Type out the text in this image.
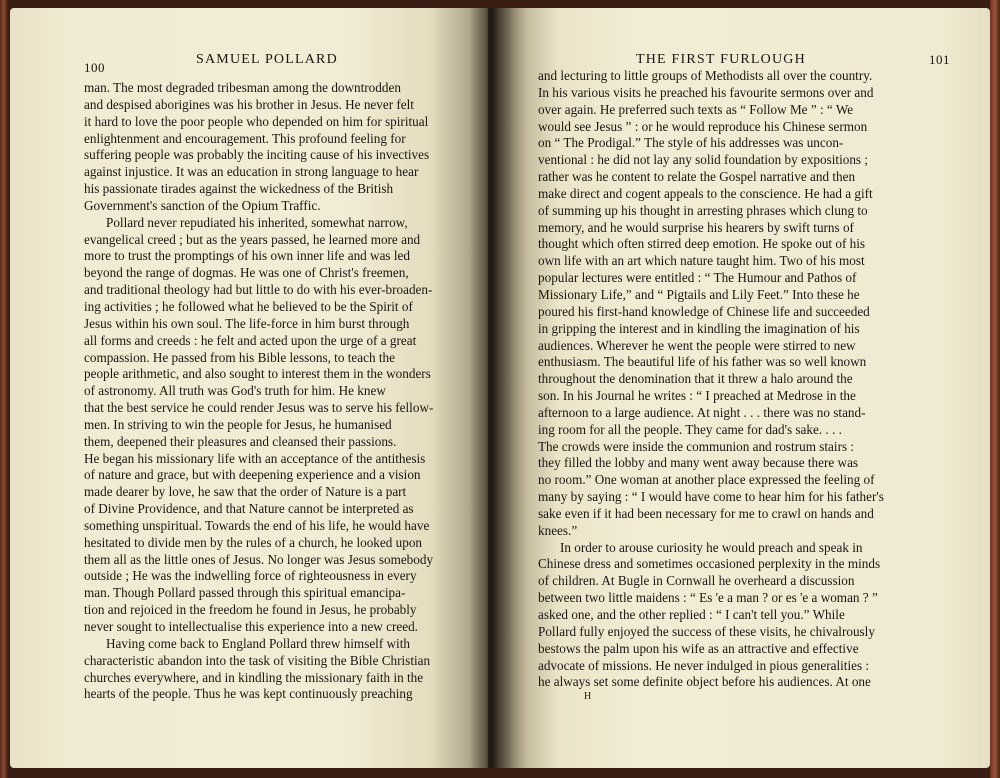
100
SAMUEL POLLARD
man. The most degraded tribesman among the downtrodden
and despised aborigines was his brother in Jesus. He never felt
it hard to love the poor people who depended on him for spiritual
enlightenment and encouragement. This profound feeling for
suffering people was probably the inciting cause of his invectives
against injustice. It was an education in strong language to hear
his passionate tirades against the wickedness of the British
Government's sanction of the Opium Traffic.
Pollard never repudiated his inherited, somewhat narrow,
evangelical creed ; but as the years passed, he learned more and
more to trust the promptings of his own inner life and was led
beyond the range of dogmas. He was one of Christ's freemen,
and traditional theology had but little to do with his ever-broaden-
ing activities ; he followed what he believed to be the Spirit of
Jesus within his own soul. The life-force in him burst through
all forms and creeds : he felt and acted upon the urge of a great
compassion. He passed from his Bible lessons, to teach the
people arithmetic, and also sought to interest them in the wonders
of astronomy. All truth was God's truth for him. He knew
that the best service he could render Jesus was to serve his fellow-
men. In striving to win the people for Jesus, he humanised
them, deepened their pleasures and cleansed their passions.
He began his missionary life with an acceptance of the antithesis
of nature and grace, but with deepening experience and a vision
made dearer by love, he saw that the order of Nature is a part
of Divine Providence, and that Nature cannot be interpreted as
something unspiritual. Towards the end of his life, he would have
hesitated to divide men by the rules of a church, he looked upon
them all as the little ones of Jesus. No longer was Jesus somebody
outside ; He was the indwelling force of righteousness in every
man. Though Pollard passed through this spiritual emancipa-
tion and rejoiced in the freedom he found in Jesus, he probably
never sought to intellectualise this experience into a new creed.
Having come back to England Pollard threw himself with
characteristic abandon into the task of visiting the Bible Christian
churches everywhere, and in kindling the missionary faith in the
hearts of the people. Thus he was kept continuously preaching
THE FIRST FURLOUGH	101
and lecturing to little groups of Methodists all over the country.
In his various visits he preached his favourite sermons over and
over again. He preferred such texts as “ Follow Me ” : “ We
would see Jesus ” : or he would reproduce his Chinese sermon
on “ The Prodigal.” The style of his addresses was uncon-
ventional : he did not lay any solid foundation by expositions ;
rather was he content to relate the Gospel narrative and then
make direct and cogent appeals to the conscience. He had a gift
of summing up his thought in arresting phrases which clung to
memory, and he would surprise his hearers by swift turns of
thought which often stirred deep emotion. He spoke out of his
own life with an art which nature taught him. Two of his most
popular lectures were entitled : “ The Humour and Pathos of
Missionary Life,” and “ Pigtails and Lily Feet.” Into these he
poured his first-hand knowledge of Chinese life and succeeded
in gripping the interest and in kindling the imagination of his
audiences. Wherever he went the people were stirred to new
enthusiasm. The beautiful life of his father was so well known
throughout the denomination that it threw a halo around the
son. In his Journal he writes : “ I preached at Medrose in the
afternoon to a large audience. At night . . . there was no stand-
ing room for all the people. They came for dad's sake. . . .
The crowds were inside the communion and rostrum stairs :
they filled the lobby and many went away because there was
no room.” One woman at another place expressed the feeling of
many by saying : “ I would have come to hear him for his father's
sake even if it had been necessary for me to crawl on hands and
knees.”
In order to arouse curiosity he would preach and speak in
Chinese dress and sometimes occasioned perplexity in the minds
of children. At Bugle in Cornwall he overheard a discussion
between two little maidens : “ Es 'e a man ? or es 'e a woman ? ”
asked one, and the other replied : “ I can't tell you.” While
Pollard fully enjoyed the success of these visits, he chivalrously
bestows the palm upon his wife as an attractive and effective
advocate of missions. He never indulged in pious generalities :
he always set some definite object before his audiences. At one
H
